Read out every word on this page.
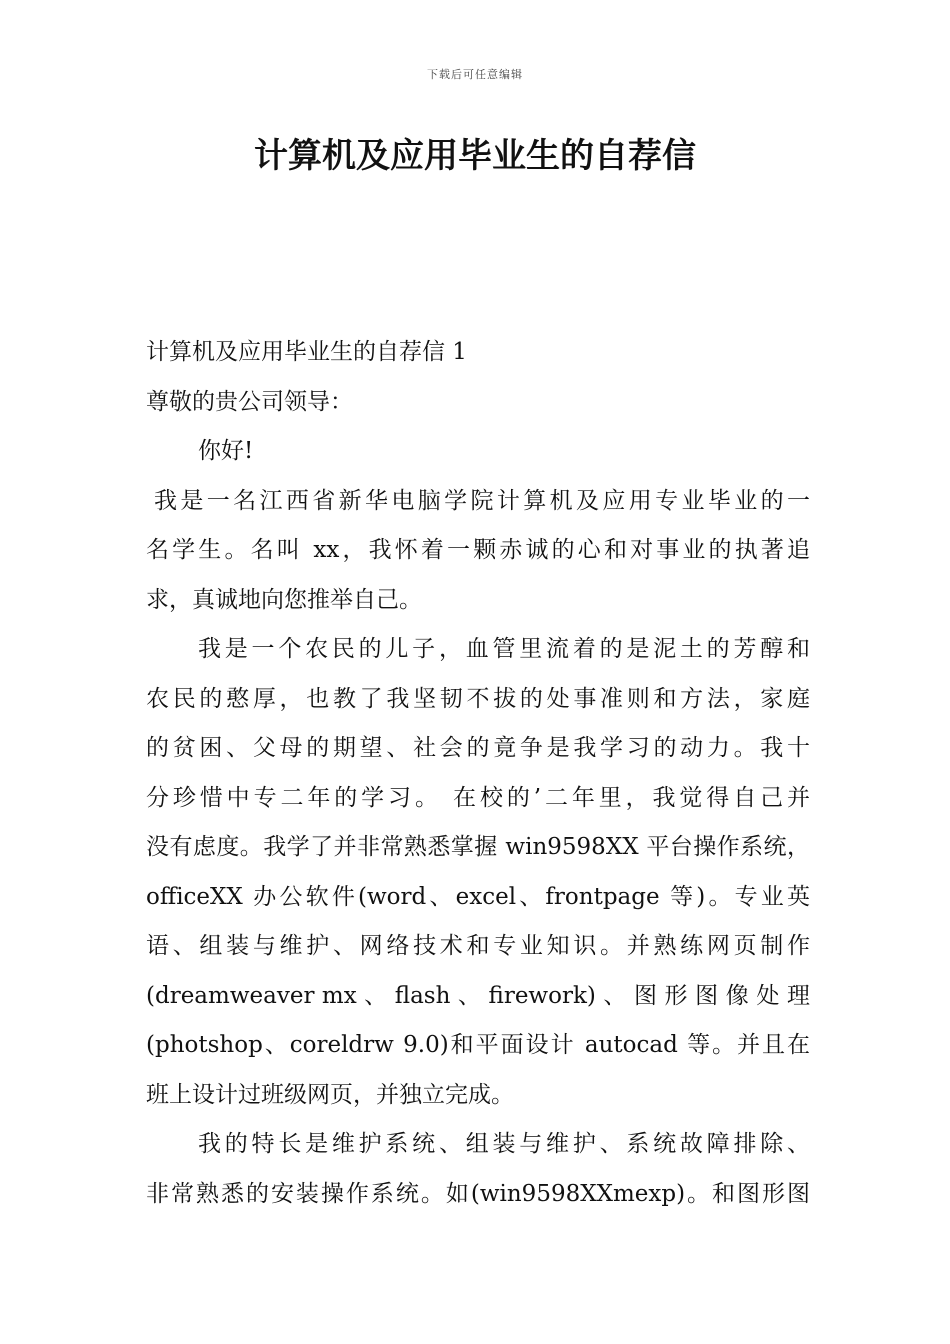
下载后可任意编辑
计算机及应用毕业生的自荐信
计算机及应用毕业生的自荐信 1
尊敬的贵公司领导：
你好!
我是一名江西省新华电脑学院计算机及应用专业毕业的一
名学生。名叫 xx，我怀着一颗赤诚的心和对事业的执著追
求，真诚地向您推举自己。
我是一个农民的儿子，血管里流着的是泥土的芳醇和
农民的憨厚，也教了我坚韧不拔的处事准则和方法，家庭
的贫困、父母的期望、社会的竟争是我学习的动力。我十
分珍惜中专二年的学习。 在校的’二年里，我觉得自己并
没有虑度。我学了并非常熟悉掌握 win9598XX 平台操作系统，
officeXX 办公软件(word、excel、frontpage 等)。专业英
语、组装与维护、网络技术和专业知识。并熟练网页制作
(dreamweaver mx 、 flash 、 firework) 、 图 形 图 像 处 理
(photshop、coreldrw 9.0)和平面设计 autocad 等。并且在
班上设计过班级网页，并独立完成。
我的特长是维护系统、组装与维护、系统故障排除、
非常熟悉的安装操作系统。如(win9598XXmexp)。和图形图
